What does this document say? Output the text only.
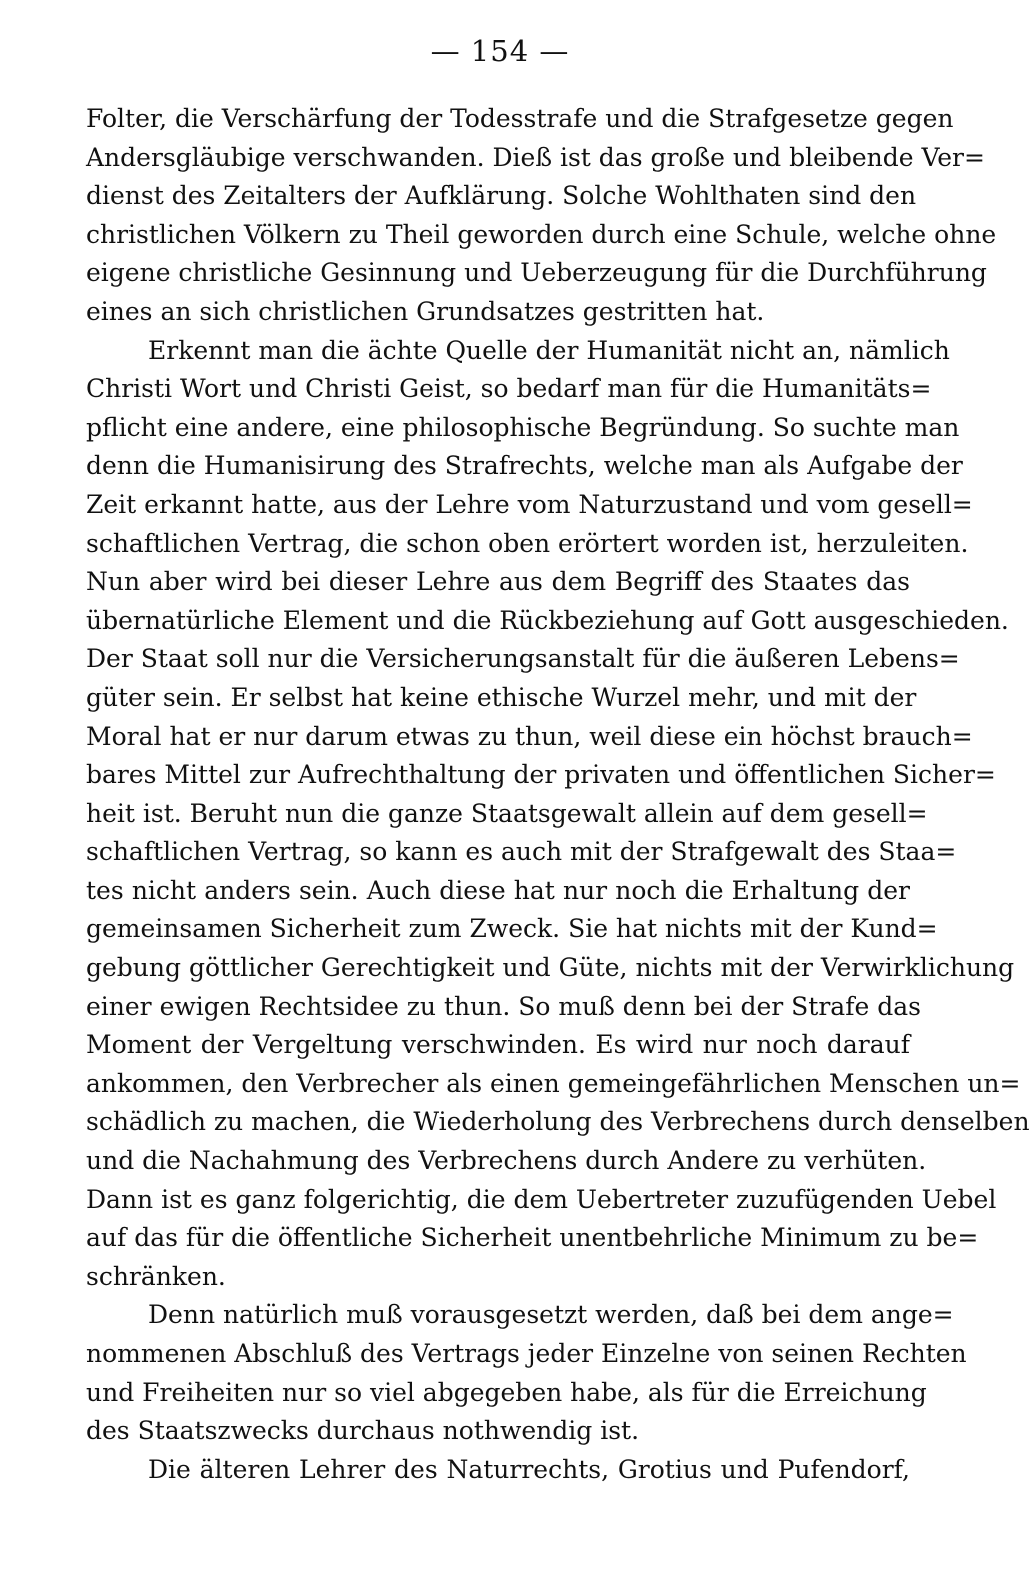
— 154 —
Folter, die Verschärfung der Todesstrafe und die Strafgesetze gegen
Andersgläubige verschwanden. Dieß ist das große und bleibende Ver=
dienst des Zeitalters der Aufklärung. Solche Wohlthaten sind den
christlichen Völkern zu Theil geworden durch eine Schule, welche ohne
eigene christliche Gesinnung und Ueberzeugung für die Durchführung
eines an sich christlichen Grundsatzes gestritten hat.
Erkennt man die ächte Quelle der Humanität nicht an, nämlich
Christi Wort und Christi Geist, so bedarf man für die Humanitäts=
pflicht eine andere, eine philosophische Begründung. So suchte man
denn die Humanisirung des Strafrechts, welche man als Aufgabe der
Zeit erkannt hatte, aus der Lehre vom Naturzustand und vom gesell=
schaftlichen Vertrag, die schon oben erörtert worden ist, herzuleiten.
Nun aber wird bei dieser Lehre aus dem Begriff des Staates das
übernatürliche Element und die Rückbeziehung auf Gott ausgeschieden.
Der Staat soll nur die Versicherungsanstalt für die äußeren Lebens=
güter sein. Er selbst hat keine ethische Wurzel mehr, und mit der
Moral hat er nur darum etwas zu thun, weil diese ein höchst brauch=
bares Mittel zur Aufrechthaltung der privaten und öffentlichen Sicher=
heit ist. Beruht nun die ganze Staatsgewalt allein auf dem gesell=
schaftlichen Vertrag, so kann es auch mit der Strafgewalt des Staa=
tes nicht anders sein. Auch diese hat nur noch die Erhaltung der
gemeinsamen Sicherheit zum Zweck. Sie hat nichts mit der Kund=
gebung göttlicher Gerechtigkeit und Güte, nichts mit der Verwirklichung
einer ewigen Rechtsidee zu thun. So muß denn bei der Strafe das
Moment der Vergeltung verschwinden. Es wird nur noch darauf
ankommen, den Verbrecher als einen gemeingefährlichen Menschen un=
schädlich zu machen, die Wiederholung des Verbrechens durch denselben
und die Nachahmung des Verbrechens durch Andere zu verhüten.
Dann ist es ganz folgerichtig, die dem Uebertreter zuzufügenden Uebel
auf das für die öffentliche Sicherheit unentbehrliche Minimum zu be=
schränken.
Denn natürlich muß vorausgesetzt werden, daß bei dem ange=
nommenen Abschluß des Vertrags jeder Einzelne von seinen Rechten
und Freiheiten nur so viel abgegeben habe, als für die Erreichung
des Staatszwecks durchaus nothwendig ist.
Die älteren Lehrer des Naturrechts, Grotius und Pufendorf,
